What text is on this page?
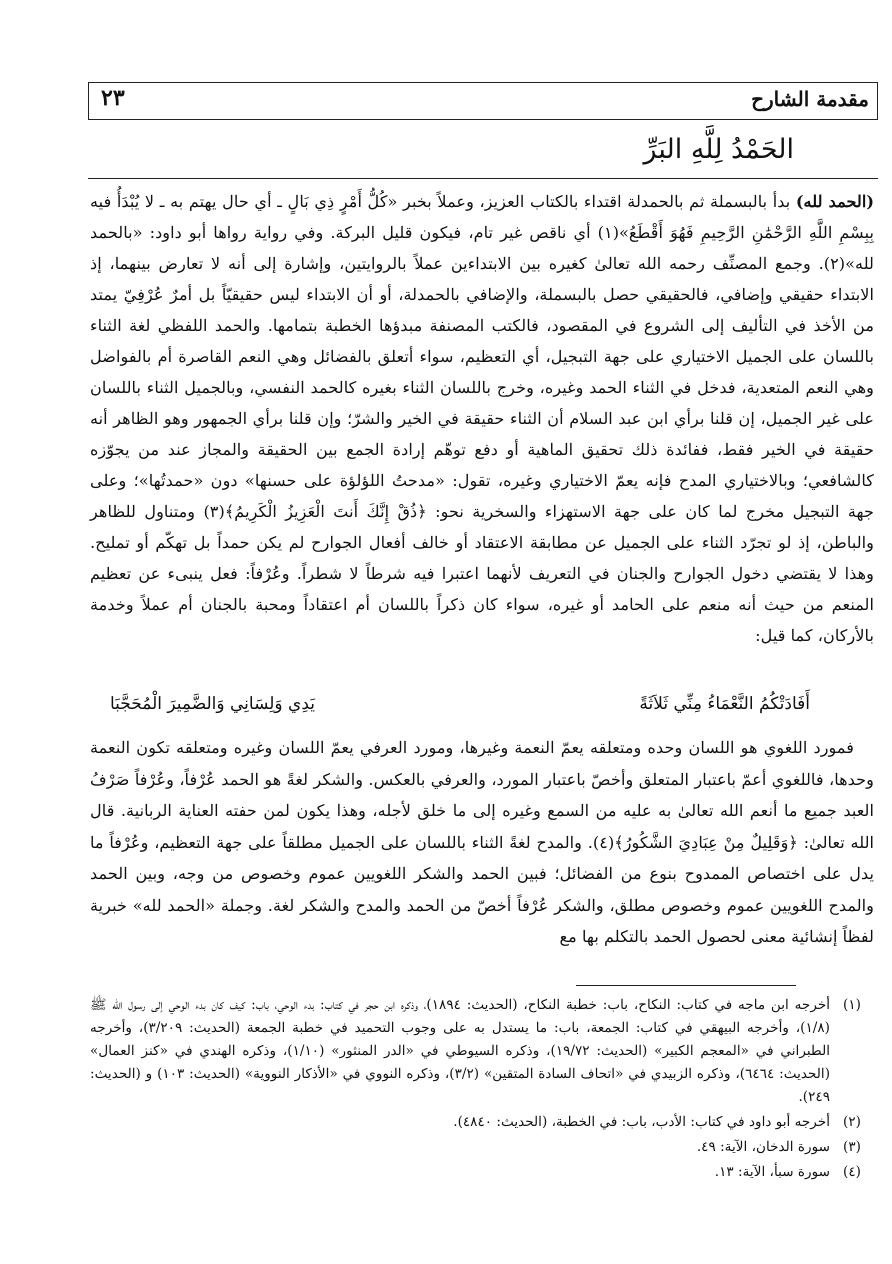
مقدمة الشارح
٢٣
الحَمْدُ لِلَّهِ البَرِّ

(الحمد لله) بدأ بالبسملة ثم بالحمدلة اقتداء بالكتاب العزيز، وعملاً بخبر «كُلُّ أَمْرٍ ذِي بَالٍ ـ أي حال يهتم به ـ لا يُبْدَأُ فيه بِبِسْمِ اللَّهِ الرَّحْمَٰنِ الرَّحِيمِ فَهُوَ أَقْطَعُ»(١) أي ناقص غير تام، فيكون قليل البركة. وفي رواية رواها أبو داود: «بالحمد لله»(٢). وجمع المصنِّف رحمه الله تعالىٰ كغيره بين الابتداءين عملاً بالروايتين، وإشارة إلى أنه لا تعارض بينهما، إذ الابتداء حقيقي وإضافي، فالحقيقي حصل بالبسملة، والإضافي بالحمدلة، أو أن الابتداء ليس حقيقيّاً بل أمرٌ عُرْفِيّ يمتد من الأخذ في التأليف إلى الشروع في المقصود، فالكتب المصنفة مبدؤها الخطبة بتمامها. والحمد اللفظي لغة الثناء باللسان على الجميل الاختياري على جهة التبجيل، أي التعظيم، سواء أتعلق بالفضائل وهي النعم القاصرة أم بالفواضل وهي النعم المتعدية، فدخل في الثناء الحمد وغيره، وخرج باللسان الثناء بغيره كالحمد النفسي، وبالجميل الثناء باللسان على غير الجميل، إن قلنا برأي ابن عبد السلام أن الثناء حقيقة في الخير والشرّ؛ وإن قلنا برأي الجمهور وهو الظاهر أنه حقيقة في الخير فقط، ففائدة ذلك تحقيق الماهية أو دفع توهّم إرادة الجمع بين الحقيقة والمجاز عند من يجوّزه كالشافعي؛ وبالاختياري المدح فإنه يعمّ الاختياري وغيره، تقول: «مدحتُ اللؤلؤة على حسنها» دون «حمدتُها»؛ وعلى جهة التبجيل مخرج لما كان على جهة الاستهزاء والسخرية نحو: ﴿ذُقْ إِنَّكَ أَنتَ الْعَزِيزُ الْكَرِيمُ﴾(٣) ومتناول للظاهر والباطن، إذ لو تجرّد الثناء على الجميل عن مطابقة الاعتقاد أو خالف أفعال الجوارح لم يكن حمداً بل تهكّم أو تمليح. وهذا لا يقتضي دخول الجوارح والجنان في التعريف لأنهما اعتبرا فيه شرطاً لا شطراً. وعُرْفاً: فعل ينبىء عن تعظيم المنعم من حيث أنه منعم على الحامد أو غيره، سواء كان ذكراً باللسان أم اعتقاداً ومحبة بالجنان أم عملاً وخدمة بالأركان، كما قيل:

أَفَادَتْكُمُ النَّعْمَاءُ مِنِّي ثَلاَثَةً
يَدِي وَلِسَانِي وَالضَّمِيرَ الْمُحَجَّبَا

فمورد اللغوي هو اللسان وحده ومتعلقه يعمّ النعمة وغيرها، ومورد العرفي يعمّ اللسان وغيره ومتعلقه تكون النعمة وحدها، فاللغوي أعمّ باعتبار المتعلق وأخصّ باعتبار المورد، والعرفي بالعكس. والشكر لغةً هو الحمد عُرْفاً، وعُرْفاً صَرْفُ العبد جميع ما أنعم الله تعالىٰ به عليه من السمع وغيره إلى ما خلق لأجله، وهذا يكون لمن حفته العناية الربانية. قال الله تعالىٰ: ﴿وَقَلِيلٌ مِنْ عِبَادِيَ الشَّكُورُ﴾(٤). والمدح لغةً الثناء باللسان على الجميل مطلقاً على جهة التعظيم، وعُرْفاً ما يدل على اختصاص الممدوح بنوع من الفضائل؛ فبين الحمد والشكر اللغويين عموم وخصوص من وجه، وبين الحمد والمدح اللغويين عموم وخصوص مطلق، والشكر عُرْفاً أخصّ من الحمد والمدح والشكر لغة. وجملة «الحمد لله» خبرية لفظاً إنشائية معنى لحصول الحمد بالتكلم بها مع

(١)
أخرجه ابن ماجه في كتاب: النكاح، باب: خطبة النكاح، (الحديث: ١٨٩٤)، وذكره ابن حجر في كتاب: بدء الوحي، باب: كيف كان بدء الوحي إلى رسول الله ﷺ (١/٨)، وأخرجه البيهقي في كتاب: الجمعة، باب: ما يستدل به على وجوب التحميد في خطبة الجمعة (الحديث: ٣/٢٠٩)، وأخرجه الطبراني في «المعجم الكبير» (الحديث: ١٩/٧٢)، وذكره السيوطي في «الدر المنثور» (١/١٠)، وذكره الهندي في «كنز العمال» (الحديث: ٦٤٦٤)، وذكره الزبيدي في «اتحاف السادة المتقين» (٣/٢)، وذكره النووي في «الأذكار النووية» (الحديث: ١٠٣) و (الحديث: ٢٤٩).
(٢)
أخرجه أبو داود في كتاب: الأدب، باب: في الخطبة، (الحديث: ٤٨٤٠).
(٣)
سورة الدخان، الآية: ٤٩.
(٤)
سورة سبأ، الآية: ١٣.
